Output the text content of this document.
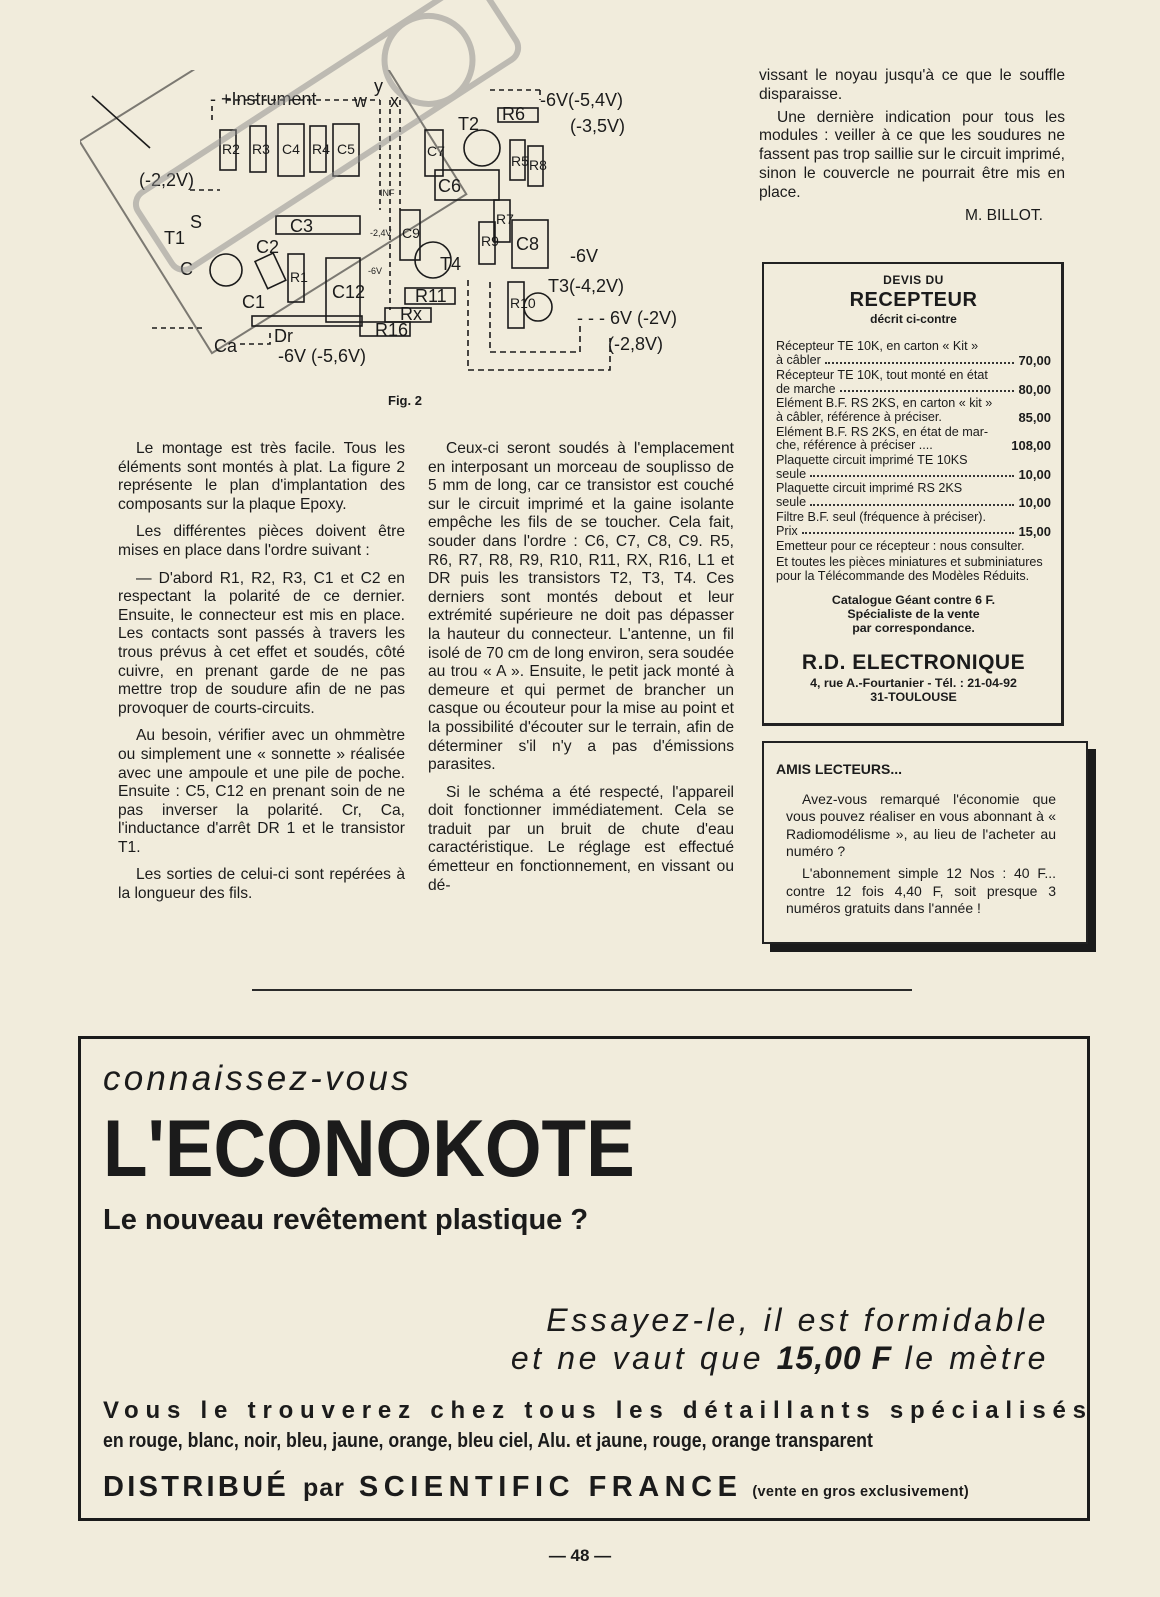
- +Instrument w
y
x	-6V(-5,4V)
(-3,5V)
T2 R6
(-2,2V)
S
T1
C3
C2
C
C1	C12	R11
Rx
R16
Dr
Ca -6V (-5,6V)
C6
T4
C8
-6V
T3(-4,2V)
- - - 6V (-2V)
(-2,8V)
R2 R3 C4 R4 C5	C7
R5 R8
R7
R9
C9
R1
R10
-2,4V
-6V
INF
Fig. 2

Le montage est très facile. Tous les éléments sont montés à plat. La figure 2 représente le plan d'implantation des composants sur la plaque Epoxy.

Les différentes pièces doivent être mises en place dans l'ordre suivant :

— D'abord R1, R2, R3, C1 et C2 en respectant la polarité de ce dernier. Ensuite, le connecteur est mis en place. Les contacts sont passés à travers les trous prévus à cet effet et soudés, côté cuivre, en prenant garde de ne pas mettre trop de soudure afin de ne pas provoquer de courts-circuits.

Au besoin, vérifier avec un ohmmètre ou simplement une « sonnette » réalisée avec une ampoule et une pile de poche. Ensuite : C5, C12 en prenant soin de ne pas inverser la polarité. Cr, Ca, l'inductance d'arrêt DR 1 et le transistor T1.

Les sorties de celui-ci sont repérées à la longueur des fils.

Ceux-ci seront soudés à l'emplacement en interposant un morceau de souplisso de 5 mm de long, car ce transistor est couché sur le circuit imprimé et la gaine isolante empêche les fils de se toucher. Cela fait, souder dans l'ordre : C6, C7, C8, C9. R5, R6, R7, R8, R9, R10, R11, RX, R16, L1 et DR puis les transistors T2, T3, T4. Ces derniers sont montés debout et leur extrémité supérieure ne doit pas dépasser la hauteur du connecteur. L'antenne, un fil isolé de 70 cm de long environ, sera soudée au trou « A ». Ensuite, le petit jack monté à demeure et qui permet de brancher un casque ou écouteur pour la mise au point et la possibilité d'écouter sur le terrain, afin de déterminer s'il n'y a pas d'émissions parasites.

Si le schéma a été respecté, l'appareil doit fonctionner immédiatement. Cela se traduit par un bruit de chute d'eau caractéristique. Le réglage est effectué émetteur en fonctionnement, en vissant ou dé-

vissant le noyau jusqu'à ce que le souffle disparaisse.

Une dernière indication pour tous les modules : veiller à ce que les soudures ne fassent pas trop saillie sur le circuit imprimé, sinon le couvercle ne pourrait être mis en place.

M. BILLOT.
DEVIS DU
RECEPTEUR
décrit ci-contre
Récepteur TE 10K, en carton « Kit »
à câbler	70,00
Récepteur TE 10K, tout monté en état
de marche	80,00
Elément B.F. RS 2KS, en carton « kit »
à câbler, référence à préciser.	85,00
Elément B.F. RS 2KS, en état de mar-
che, référence à préciser ....	108,00
Plaquette circuit imprimé TE 10KS
seule	10,00
Plaquette circuit imprimé RS 2KS
seule	10,00
Filtre B.F. seul (fréquence à préciser).
Prix	15,00
Emetteur pour ce récepteur : nous consulter.
Et toutes les pièces miniatures et subminiatures pour la Télécommande des Modèles Réduits.
Catalogue Géant contre 6 F.
Spécialiste de la vente
par correspondance.
R.D. ELECTRONIQUE
4, rue A.-Fourtanier - Tél. : 21-04-92
31-TOULOUSE
AMIS LECTEURS...

Avez-vous remarqué l'économie que vous pouvez réaliser en vous abonnant à « Radiomodélisme », au lieu de l'acheter au numéro ?

L'abonnement simple 12 Nos : 40 F... contre 12 fois 4,40 F, soit presque 3 numéros gratuits dans l'année !

connaissez-vous
L'ECONOKOTE
Le nouveau revêtement plastique ?
Essayez-le, il est formidable
et ne vaut que 15,00 F le mètre
Vous le trouverez chez tous les détaillants spécialisés
en rouge, blanc, noir, bleu, jaune, orange, bleu ciel, Alu. et jaune, rouge, orange transparent
DISTRIBUÉ par SCIENTIFIC FRANCE (vente en gros exclusivement)
— 48 —
